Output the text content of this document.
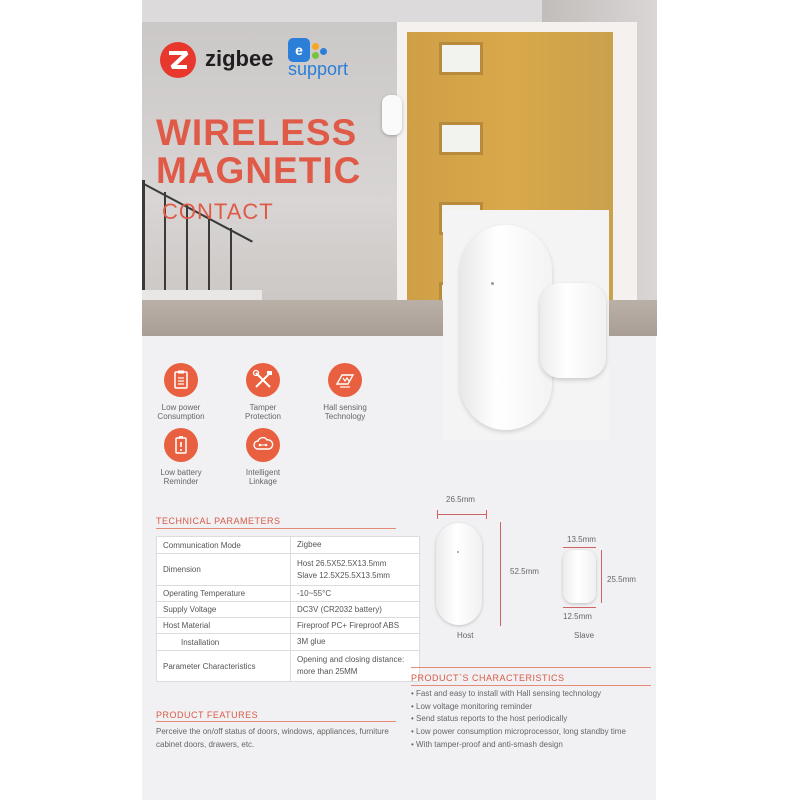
zigbee	e
support
WIRELESS
MAGNETIC
CONTACT
Low power
Consumption
Tamper
Protection
Hall sensing
Technology
Low battery
Reminder
Intelligent
Linkage
TECHNICAL PARAMETERS
Communication Mode	Zigbee
Dimension	Host 26.5X52.5X13.5mm
Slave 12.5X25.5X13.5mm
Operating Temperature	-10~55°C
Supply Voltage	DC3V (CR2032 battery)
Host Material	Fireproof PC+ Fireproof ABS
Installation	3M glue
Parameter Characteristics	Opening and closing distance:
more than 25MM
26.5mm
52.5mm
Host
13.5mm
25.5mm
12.5mm
Slave
PRODUCT`S CHARACTERISTICS
• Fast and easy to install with Hall sensing technology
• Low voltage monitoring reminder
• Send status reports to the host periodically
• Low power consumption microprocessor, long standby time
• With tamper-proof and anti-smash design
PRODUCT FEATURES
Perceive the on/off status of doors, windows, appliances, furniture cabinet doors, drawers, etc.
